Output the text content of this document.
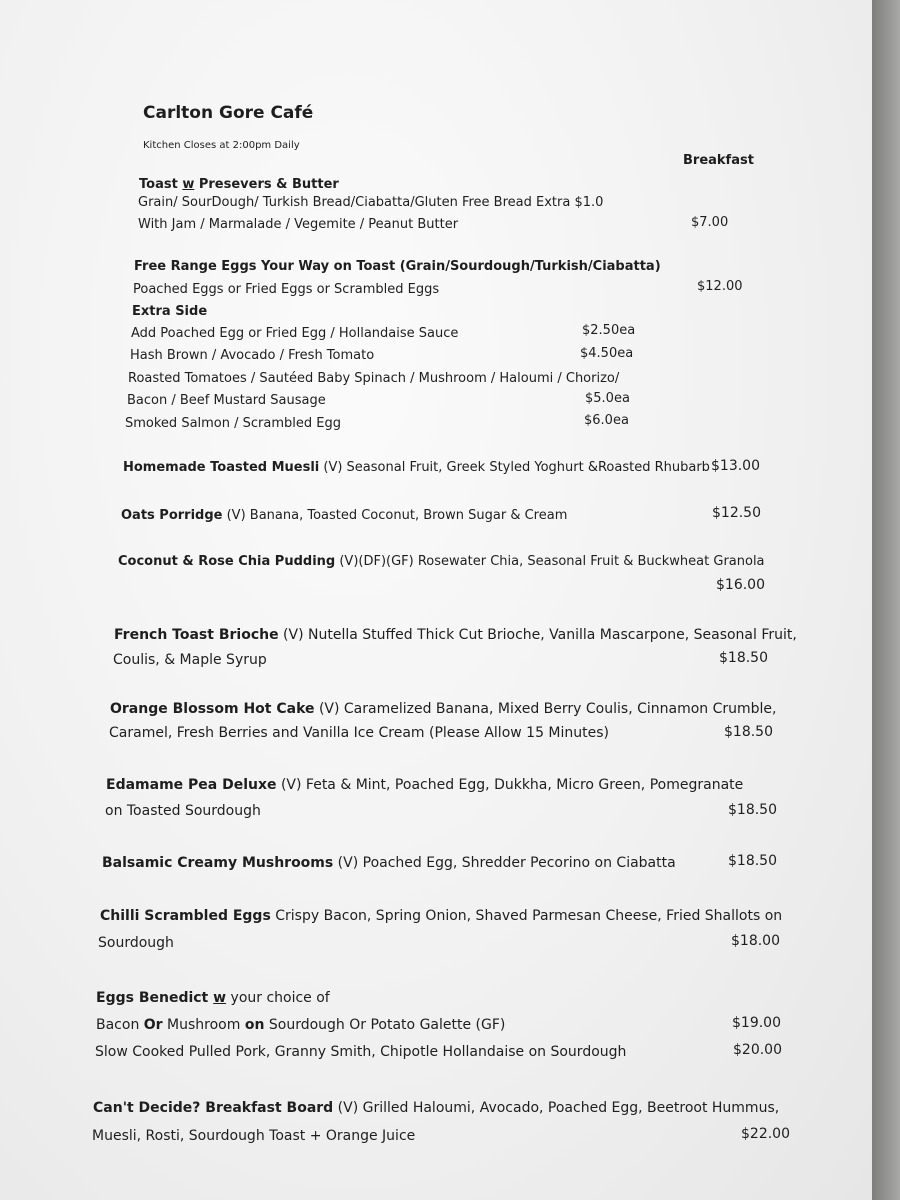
Carlton Gore Café
Kitchen Closes at 2:00pm Daily
Breakfast
Toast w Presevers & Butter
Grain/ SourDough/ Turkish Bread/Ciabatta/Gluten Free Bread Extra $1.0
With Jam / Marmalade / Vegemite / Peanut Butter	$7.00
Free Range Eggs Your Way on Toast (Grain/Sourdough/Turkish/Ciabatta)
Poached Eggs or Fried Eggs or Scrambled Eggs	$12.00
Extra Side
Add Poached Egg or Fried Egg / Hollandaise Sauce	$2.50ea
Hash Brown / Avocado / Fresh Tomato	$4.50ea
Roasted Tomatoes / Sautéed Baby Spinach / Mushroom / Haloumi / Chorizo/
Bacon / Beef Mustard Sausage	$5.0ea
Smoked Salmon / Scrambled Egg	$6.0ea
Homemade Toasted Muesli (V) Seasonal Fruit, Greek Styled Yoghurt &Roasted Rhubarb $13.00
Oats Porridge (V) Banana, Toasted Coconut, Brown Sugar & Cream	$12.50
Coconut & Rose Chia Pudding (V)(DF)(GF) Rosewater Chia, Seasonal Fruit & Buckwheat Granola
$16.00
French Toast Brioche (V) Nutella Stuffed Thick Cut Brioche, Vanilla Mascarpone, Seasonal Fruit,
Coulis, & Maple Syrup	$18.50
Orange Blossom Hot Cake (V) Caramelized Banana, Mixed Berry Coulis, Cinnamon Crumble,
Caramel, Fresh Berries and Vanilla Ice Cream (Please Allow 15 Minutes)	$18.50
Edamame Pea Deluxe (V) Feta & Mint, Poached Egg, Dukkha, Micro Green, Pomegranate
on Toasted Sourdough	$18.50
Balsamic Creamy Mushrooms (V) Poached Egg, Shredder Pecorino on Ciabatta	$18.50
Chilli Scrambled Eggs Crispy Bacon, Spring Onion, Shaved Parmesan Cheese, Fried Shallots on
Sourdough	$18.00
Eggs Benedict w your choice of
Bacon Or Mushroom on Sourdough Or Potato Galette (GF)	$19.00
Slow Cooked Pulled Pork, Granny Smith, Chipotle Hollandaise on Sourdough	$20.00
Can't Decide? Breakfast Board (V) Grilled Haloumi, Avocado, Poached Egg, Beetroot Hummus,
Muesli, Rosti, Sourdough Toast + Orange Juice	$22.00
